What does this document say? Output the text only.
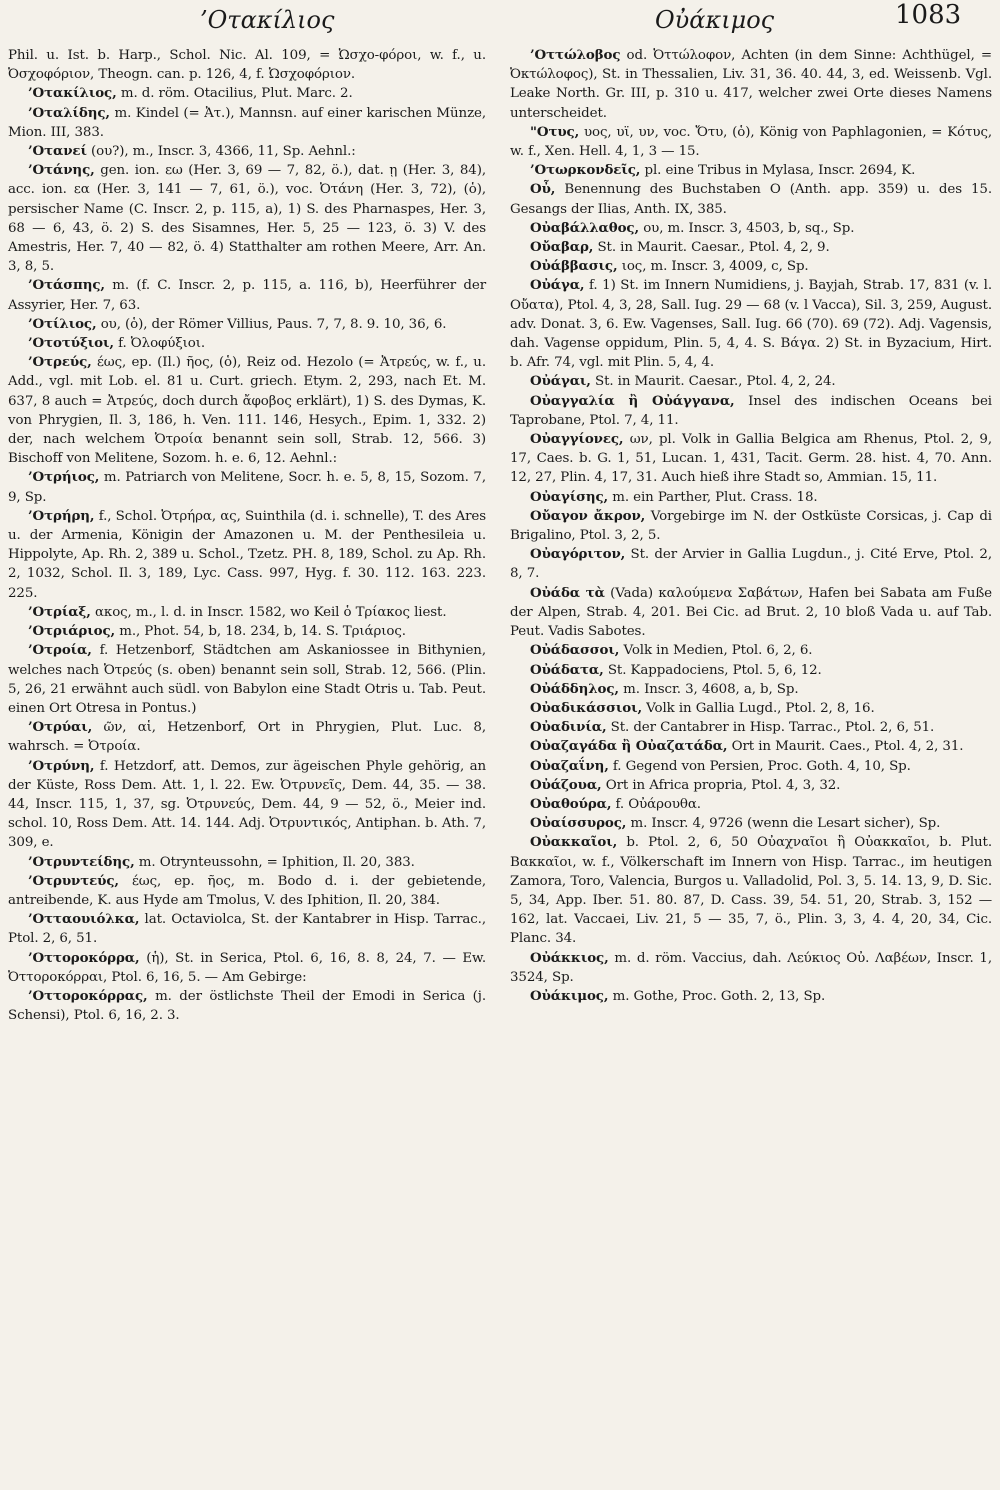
’Οτακίλιος	Οὐάκιμος	1083

Phil. u. Ist. b. Harp., Schol. Nic. Al. 109, = Ὠσχο-φόροι, w. f., u. Ὀσχοφόριον, Theogn. can. p. 126, 4, f. Ὠσχοφόριον.

’Οτακίλιος, m. d. röm. Otacilius, Plut. Marc. 2.

’Οταλίδης, m. Kindel (= Ἀτ.), Mannsn. auf einer karischen Münze, Mion. III, 383.

’Οτανεί (ου?), m., Inscr. 3, 4366, 11, Sp. Aehnl.:

’Οτάνης, gen. ion. εω (Her. 3, 69 — 7, 82, ö.), dat. ῃ (Her. 3, 84), acc. ion. εα (Her. 3, 141 — 7, 61, ö.), voc. Ὀτάνη (Her. 3, 72), (ὁ), persischer Name (C. Inscr. 2, p. 115, a), 1) S. des Pharnaspes, Her. 3, 68 — 6, 43, ö. 2) S. des Sisamnes, Her. 5, 25 — 123, ö. 3) V. des Amestris, Her. 7, 40 — 82, ö. 4) Statthalter am rothen Meere, Arr. An. 3, 8, 5.

’Οτάσπης, m. (f. C. Inscr. 2, p. 115, a. 116, b), Heerführer der Assyrier, Her. 7, 63.

’Οτίλιος, ου, (ὁ), der Römer Villius, Paus. 7, 7, 8. 9. 10, 36, 6.

’Οτοτύξιοι, f. Ὀλοφύξιοι.

’Οτρεύς, έως, ep. (Il.) ῆος, (ὁ), Reiz od. Hezolo (= Ἀτρεύς, w. f., u. Add., vgl. mit Lob. el. 81 u. Curt. griech. Etym. 2, 293, nach Et. M. 637, 8 auch = Ἀτρεύς, doch durch ἄφοβος erklärt), 1) S. des Dymas, K. von Phrygien, Il. 3, 186, h. Ven. 111. 146, Hesych., Epim. 1, 332. 2) der, nach welchem Ὀτροία benannt sein soll, Strab. 12, 566. 3) Bischoff von Melitene, Sozom. h. e. 6, 12. Aehnl.:

’Οτρήιος, m. Patriarch von Melitene, Socr. h. e. 5, 8, 15, Sozom. 7, 9, Sp.

’Οτρήρη, f., Schol. Ὀτρήρα, ας, Suinthila (d. i. schnelle), T. des Ares u. der Armenia, Königin der Amazonen u. M. der Penthesileia u. Hippolyte, Ap. Rh. 2, 389 u. Schol., Tzetz. PH. 8, 189, Schol. zu Ap. Rh. 2, 1032, Schol. Il. 3, 189, Lyc. Cass. 997, Hyg. f. 30. 112. 163. 223. 225.

’Οτρίαξ, ακος, m., l. d. in Inscr. 1582, wo Keil ὁ Τρίακος liest.

’Οτριάριος, m., Phot. 54, b, 18. 234, b, 14. S. Τριάριος.

’Οτροία, f. Hetzenborf, Städtchen am Askaniossee in Bithynien, welches nach Ὀτρεύς (s. oben) benannt sein soll, Strab. 12, 566. (Plin. 5, 26, 21 erwähnt auch südl. von Babylon eine Stadt Otris u. Tab. Peut. einen Ort Otresa in Pontus.)

’Οτρύαι, ῶν, αἱ, Hetzenborf, Ort in Phrygien, Plut. Luc. 8, wahrsch. = Ὀτροία.

’Οτρύνη, f. Hetzdorf, att. Demos, zur ägeischen Phyle gehörig, an der Küste, Ross Dem. Att. 1, l. 22. Ew. Ὀτρυνεῖς, Dem. 44, 35. — 38. 44, Inscr. 115, 1, 37, sg. Ὀτρυνεύς, Dem. 44, 9 — 52, ö., Meier ind. schol. 10, Ross Dem. Att. 14. 144. Adj. Ὀτρυντικός, Antiphan. b. Ath. 7, 309, e.

’Οτρυντείδης, m. Otrynteussohn, = Iphition, Il. 20, 383.

’Οτρυντεύς, έως, ep. ῆος, m. Bodo d. i. der gebietende, antreibende, K. aus Hyde am Tmolus, V. des Iphition, Il. 20, 384.

’Οτταουιόλκα, lat. Octaviolca, St. der Kantabrer in Hisp. Tarrac., Ptol. 2, 6, 51.

’Οττοροκόρρα, (ἡ), St. in Serica, Ptol. 6, 16, 8. 8, 24, 7. — Ew. Ὀττοροκόρραι, Ptol. 6, 16, 5. — Am Gebirge:

’Οττοροκόρρας, m. der östlichste Theil der Emodi in Serica (j. Schensi), Ptol. 6, 16, 2. 3.

’Οττώλοβος od. Ὀττώλοφον, Achten (in dem Sinne: Achthügel, = Ὀκτώλοφος), St. in Thessalien, Liv. 31, 36. 40. 44, 3, ed. Weissenb. Vgl. Leake North. Gr. III, p. 310 u. 417, welcher zwei Orte dieses Namens unterscheidet.

"Οτυς, υος, υϊ, υν, voc. Ὄτυ, (ὁ), König von Paphlagonien, = Κότυς, w. f., Xen. Hell. 4, 1, 3 — 15.

’Οτωρκονδεῖς, pl. eine Tribus in Mylasa, Inscr. 2694, K.

Οὖ, Benennung des Buchstaben O (Anth. app. 359) u. des 15. Gesangs der Ilias, Anth. IX, 385.

Οὐαβάλλαθος, ου, m. Inscr. 3, 4503, b, sq., Sp.

Οὔαβαρ, St. in Maurit. Caesar., Ptol. 4, 2, 9.

Οὐάββασις, ιος, m. Inscr. 3, 4009, c, Sp.

Οὐάγα, f. 1) St. im Innern Numidiens, j. Bayjah, Strab. 17, 831 (v. l. Οὔατα), Ptol. 4, 3, 28, Sall. Iug. 29 — 68 (v. l Vacca), Sil. 3, 259, August. adv. Donat. 3, 6. Ew. Vagenses, Sall. Iug. 66 (70). 69 (72). Adj. Vagensis, dah. Vagense oppidum, Plin. 5, 4, 4. S. Βάγα. 2) St. in Byzacium, Hirt. b. Afr. 74, vgl. mit Plin. 5, 4, 4.

Οὐάγαι, St. in Maurit. Caesar., Ptol. 4, 2, 24.

Οὐαγγαλία ἢ Οὐάγγανα, Insel des indischen Oceans bei Taprobane, Ptol. 7, 4, 11.

Οὐαγγίονες, ων, pl. Volk in Gallia Belgica am Rhenus, Ptol. 2, 9, 17, Caes. b. G. 1, 51, Lucan. 1, 431, Tacit. Germ. 28. hist. 4, 70. Ann. 12, 27, Plin. 4, 17, 31. Auch hieß ihre Stadt so, Ammian. 15, 11.

Οὐαγίσης, m. ein Parther, Plut. Crass. 18.

Οὔαγον ἄκρον, Vorgebirge im N. der Ostküste Corsicas, j. Cap di Brigalino, Ptol. 3, 2, 5.

Οὐαγόριτον, St. der Arvier in Gallia Lugdun., j. Cité Erve, Ptol. 2, 8, 7.

Οὐάδα τὰ (Vada) καλούμενα Σαβάτων, Hafen bei Sabata am Fuße der Alpen, Strab. 4, 201. Bei Cic. ad Brut. 2, 10 bloß Vada u. auf Tab. Peut. Vadis Sabotes.

Οὐάδασσοι, Volk in Medien, Ptol. 6, 2, 6.

Οὐάδατα, St. Kappadociens, Ptol. 5, 6, 12.

Οὐάδδηλος, m. Inscr. 3, 4608, a, b, Sp.

Οὐαδικάσσιοι, Volk in Gallia Lugd., Ptol. 2, 8, 16.

Οὐαδινία, St. der Cantabrer in Hisp. Tarrac., Ptol. 2, 6, 51.

Οὐαζαγάδα ἢ Οὐαζατάδα, Ort in Maurit. Caes., Ptol. 4, 2, 31.

Οὐαζαΐνη, f. Gegend von Persien, Proc. Goth. 4, 10, Sp.

Οὐάζουα, Ort in Africa propria, Ptol. 4, 3, 32.

Οὐαθούρα, f. Οὐάρουθα.

Οὐαίσσυρος, m. Inscr. 4, 9726 (wenn die Lesart sicher), Sp.

Οὐακκαῖοι, b. Ptol. 2, 6, 50 Οὐαχναῖοι ἢ Οὐακκαῖοι, b. Plut. Βακκαῖοι, w. f., Völkerschaft im Innern von Hisp. Tarrac., im heutigen Zamora, Toro, Valencia, Burgos u. Valladolid, Pol. 3, 5. 14. 13, 9, D. Sic. 5, 34, App. Iber. 51. 80. 87, D. Cass. 39, 54. 51, 20, Strab. 3, 152 — 162, lat. Vaccaei, Liv. 21, 5 — 35, 7, ö., Plin. 3, 3, 4. 4, 20, 34, Cic. Planc. 34.

Οὐάκκιος, m. d. röm. Vaccius, dah. Λεύκιος Οὐ. Λαβέων, Inscr. 1, 3524, Sp.

Οὐάκιμος, m. Gothe, Proc. Goth. 2, 13, Sp.
